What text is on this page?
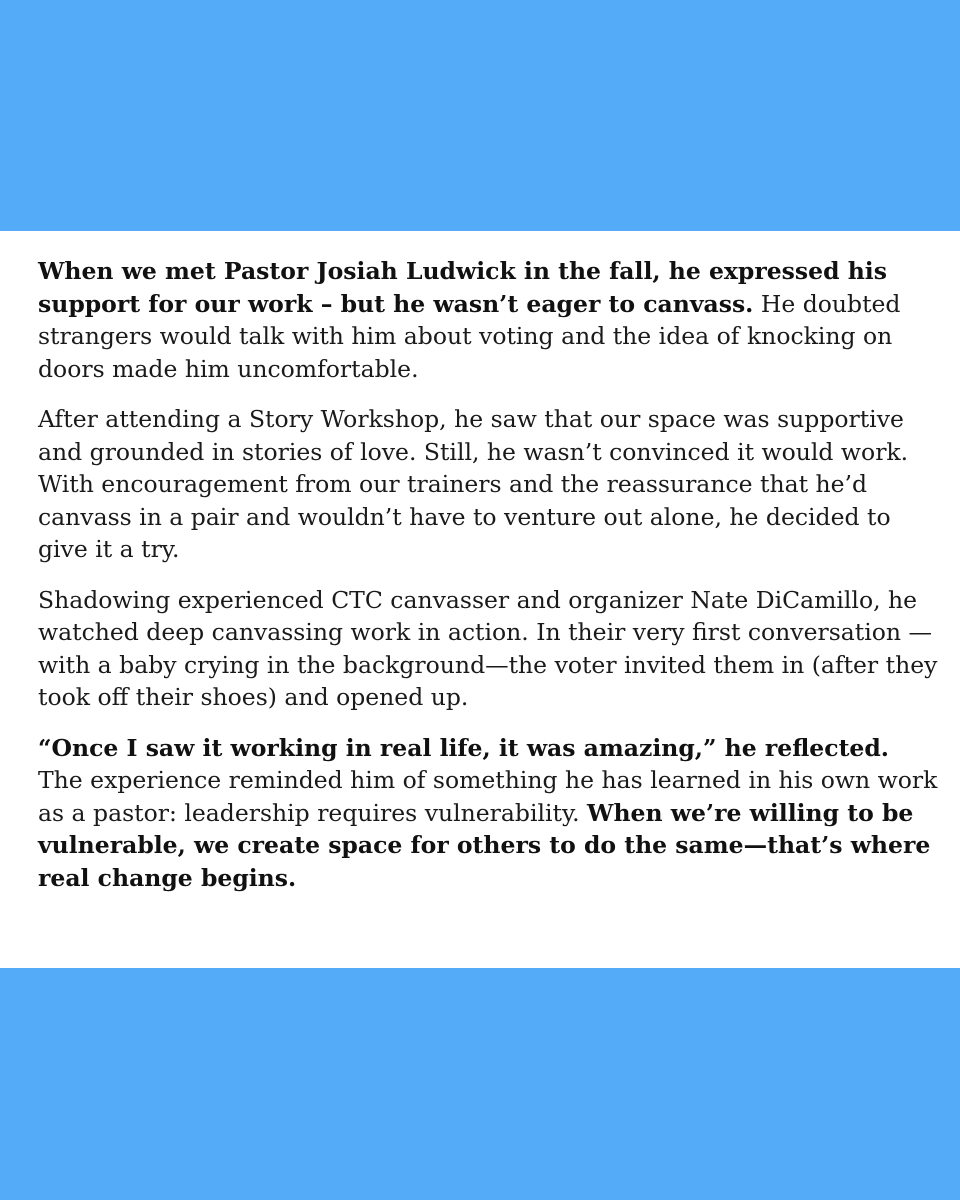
When we met Pastor Josiah Ludwick in the fall, he expressed his support for our work – but he wasn’t eager to canvass. He doubted strangers would talk with him about voting and the idea of knocking on doors made him uncomfortable.

After attending a Story Workshop, he saw that our space was supportive and grounded in stories of love. Still, he wasn’t convinced it would work. With encouragement from our trainers and the reassurance that he’d canvass in a pair and wouldn’t have to venture out alone, he decided to give it a try.

Shadowing experienced CTC canvasser and organizer Nate DiCamillo, he watched deep canvassing work in action. In their very first conversation —with a baby crying in the background—the voter invited them in (after they took off their shoes) and opened up.

“Once I saw it working in real life, it was amazing,” he reflected. The experience reminded him of something he has learned in his own work as a pastor: leadership requires vulnerability. When we’re willing to be vulnerable, we create space for others to do the same—that’s where real change begins.
